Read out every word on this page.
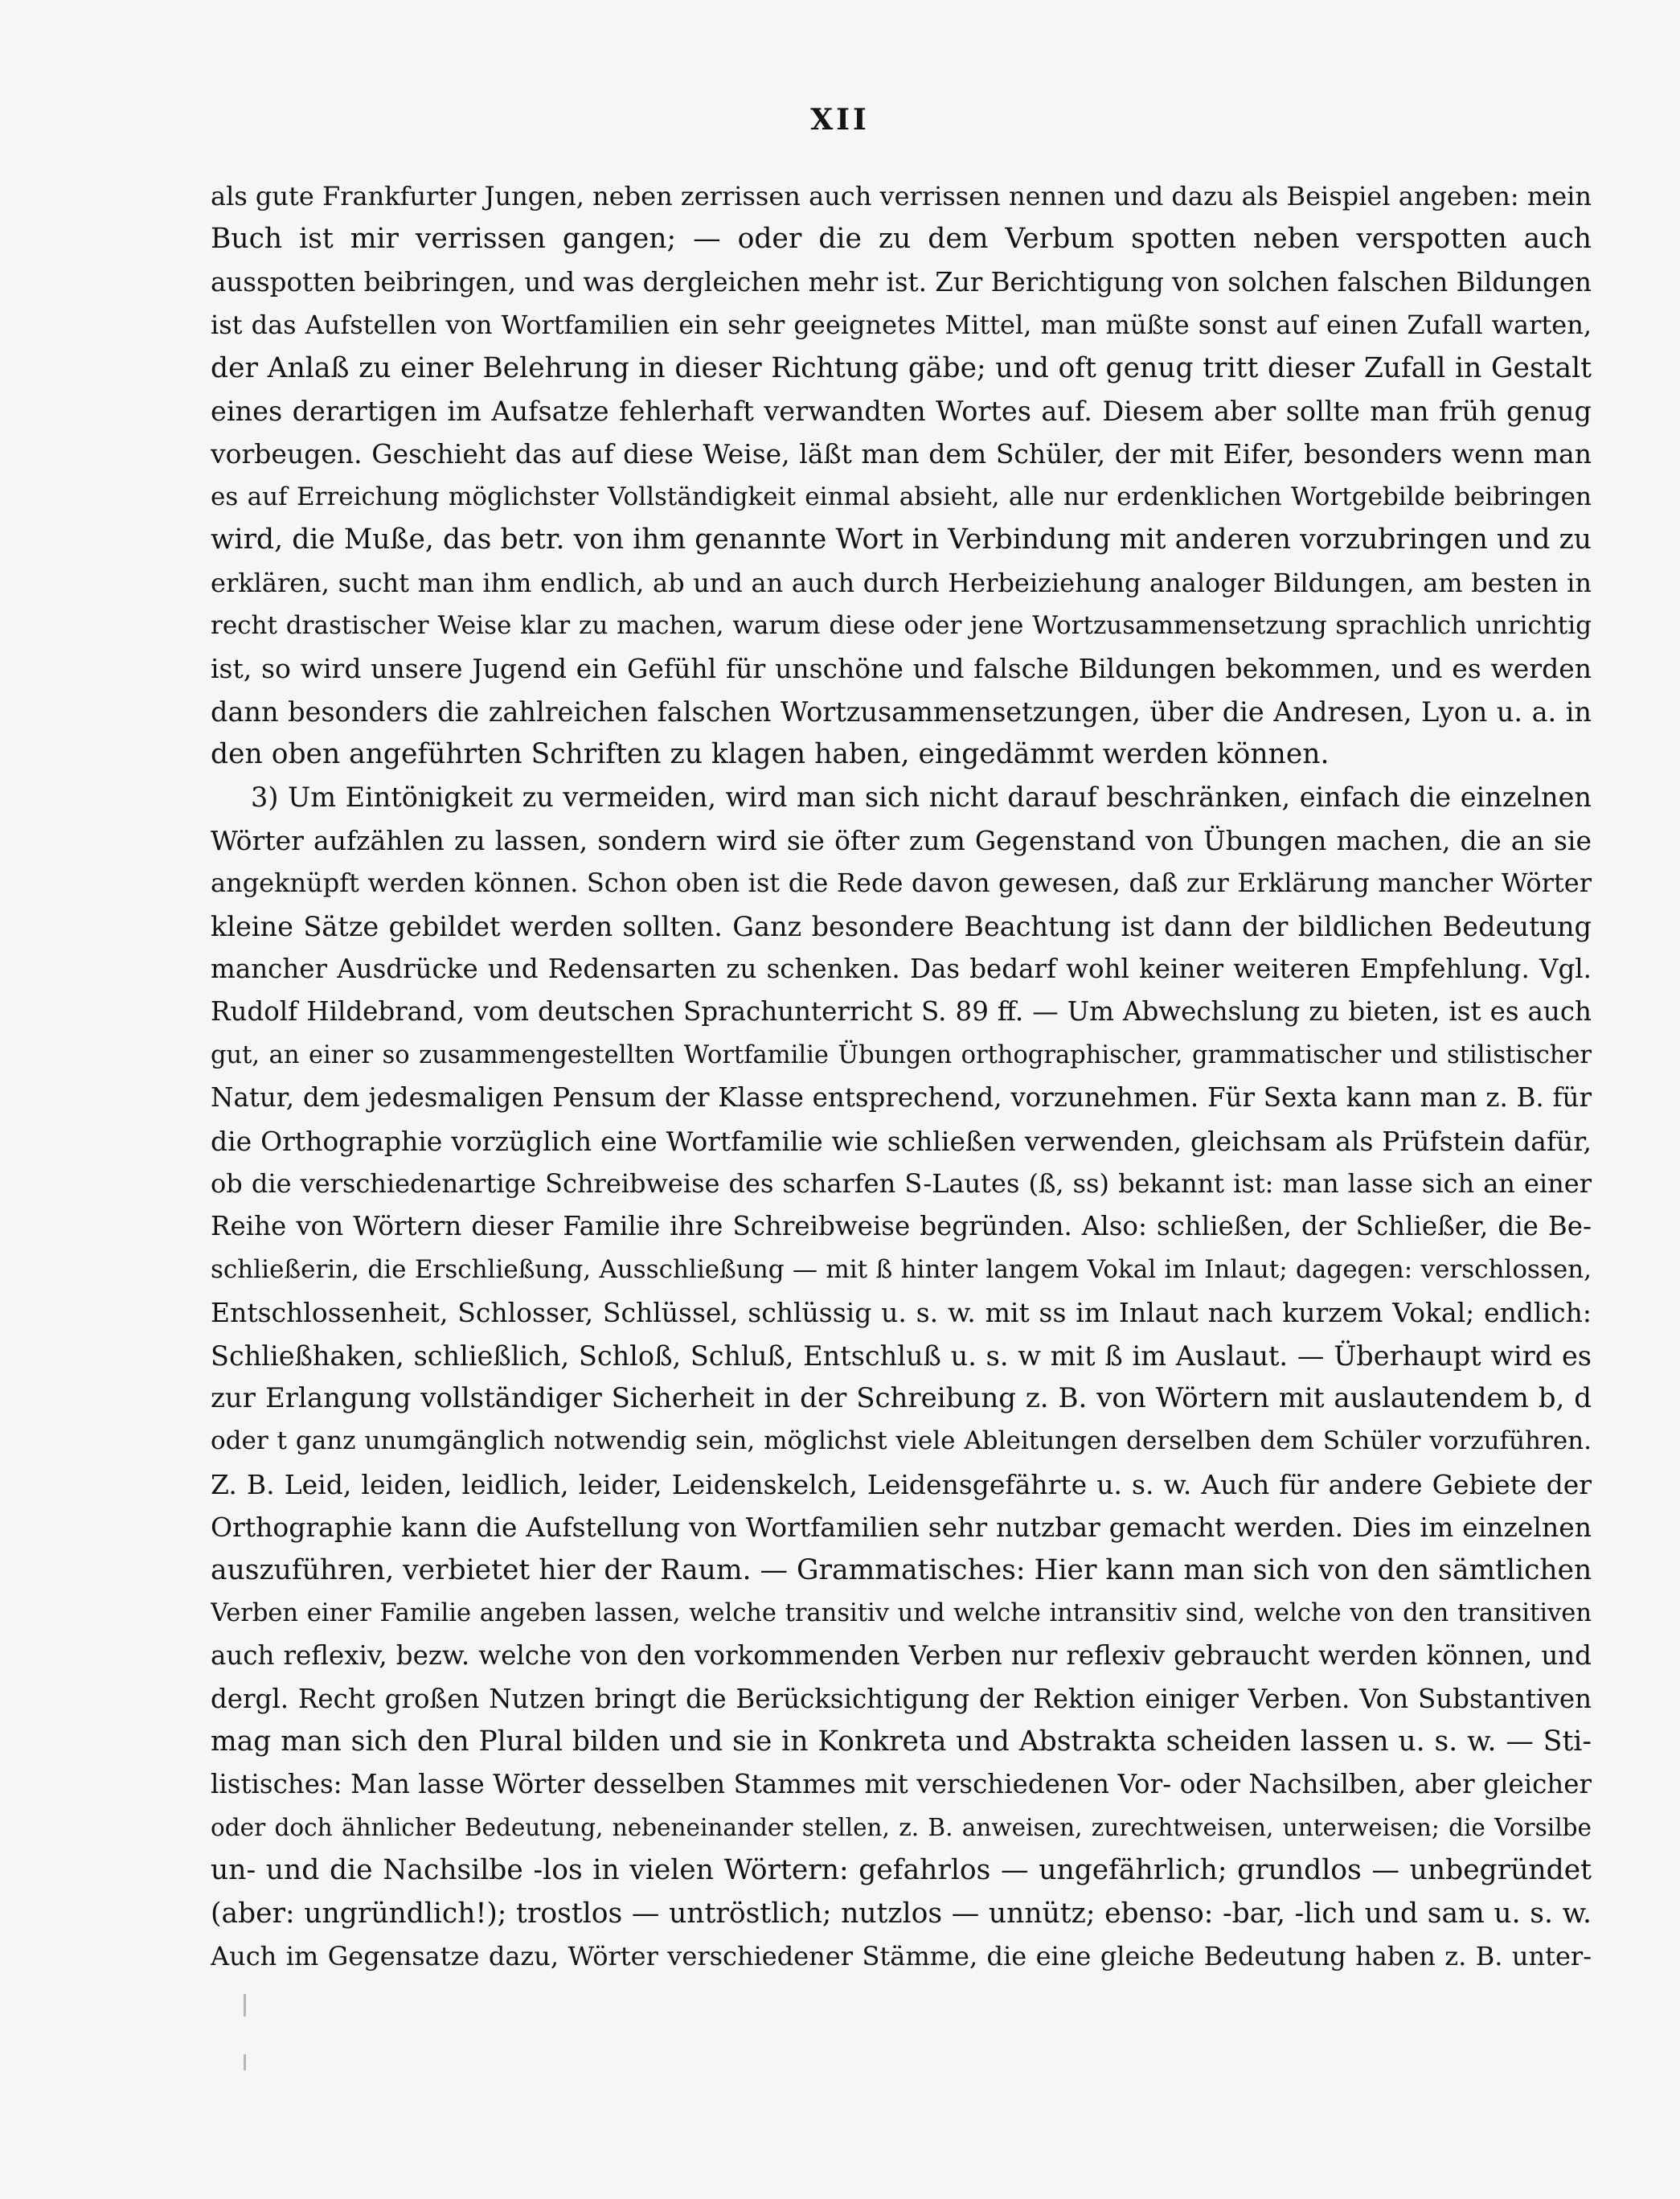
XII
als gute Frankfurter Jungen, neben zerrissen auch verrissen nennen und dazu als Beispiel angeben: mein
Buch ist mir verrissen gangen; — oder die zu dem Verbum spotten neben verspotten auch
ausspotten beibringen, und was dergleichen mehr ist. Zur Berichtigung von solchen falschen Bildungen
ist das Aufstellen von Wortfamilien ein sehr geeignetes Mittel, man müßte sonst auf einen Zufall warten,
der Anlaß zu einer Belehrung in dieser Richtung gäbe; und oft genug tritt dieser Zufall in Gestalt
eines derartigen im Aufsatze fehlerhaft verwandten Wortes auf. Diesem aber sollte man früh genug
vorbeugen. Geschieht das auf diese Weise, läßt man dem Schüler, der mit Eifer, besonders wenn man
es auf Erreichung möglichster Vollständigkeit einmal absieht, alle nur erdenklichen Wortgebilde beibringen
wird, die Muße, das betr. von ihm genannte Wort in Verbindung mit anderen vorzubringen und zu
erklären, sucht man ihm endlich, ab und an auch durch Herbeiziehung analoger Bildungen, am besten in
recht drastischer Weise klar zu machen, warum diese oder jene Wortzusammensetzung sprachlich unrichtig
ist, so wird unsere Jugend ein Gefühl für unschöne und falsche Bildungen bekommen, und es werden
dann besonders die zahlreichen falschen Wortzusammensetzungen, über die Andresen, Lyon u. a. in
den oben angeführten Schriften zu klagen haben, eingedämmt werden könnеn.
3) Um Eintönigkeit zu vermeiden, wird man sich nicht darauf beschränken, einfach die einzelnen
Wörter aufzählen zu lassen, sondern wird sie öfter zum Gegenstand von Übungen machen, die an sie
angeknüpft werden können. Schon oben ist die Rede davon gewesen, daß zur Erklärung mancher Wörter
kleine Sätze gebildet werden sollten. Ganz besondere Beachtung ist dann der bildlichen Bedeutung
mancher Ausdrücke und Redensarten zu schenken. Das bedarf wohl keiner weiteren Empfehlung. Vgl.
Rudolf Hildebrand, vom deutschen Sprachunterricht S. 89 ff. — Um Abwechslung zu bieten, ist es auch
gut, an einer so zusammengestellten Wortfamilie Übungen orthographischer, grammatischer und stilistischer
Natur, dem jedesmaligen Pensum der Klasse entsprechend, vorzunehmen. Für Sexta kann man z. B. für
die Orthographie vorzüglich eine Wortfamilie wie schließen verwenden, gleichsam als Prüfstein dafür,
ob die verschiedenartige Schreibweise des scharfen S-Lautes (ß, ss) bekannt ist: man lasse sich an einer
Reihe von Wörtern dieser Familie ihre Schreibweise begründen. Also: schließen, der Schließer, die Be-
schließerin, die Erschließung, Ausschließung — mit ß hinter langem Vokal im Inlaut; dagegen: verschlossen,
Entschlossenheit, Schlosser, Schlüssel, schlüssig u. s. w. mit ss im Inlaut nach kurzem Vokal; endlich:
Schließhaken, schließlich, Schloß, Schluß, Entschluß u. s. w mit ß im Auslaut. — Überhaupt wird es
zur Erlangung vollständiger Sicherheit in der Schreibung z. B. von Wörtern mit auslautendem b, d
oder t ganz unumgänglich notwendig sein, möglichst viele Ableitungen derselben dem Schüler vorzuführen.
Z. B. Leid, leiden, leidlich, leider, Leidenskelch, Leidensgefährte u. s. w. Auch für andere Gebiete der
Orthographie kann die Aufstellung von Wortfamilien sehr nutzbar gemacht werden. Dies im einzelnen
auszuführen, verbietet hier der Raum. — Grammatisches: Hier kann man sich von den sämtlichen
Verben einer Familie angeben lassen, welche transitiv und welche intransitiv sind, welche von den transitiven
auch reflexiv, bezw. welche von den vorkommenden Verben nur reflexiv gebraucht werden können, und
dergl. Recht großen Nutzen bringt die Berücksichtigung der Rektion einiger Verben. Von Substantiven
mag man sich den Plural bilden und sie in Konkreta und Abstrakta scheiden lassen u. s. w. — Sti-
listisches: Man lasse Wörter desselben Stammes mit verschiedenen Vor- oder Nachsilben, aber gleicher
oder doch ähnlicher Bedeutung, nebeneinander stellen, z. B. anweisen, zurechtweisen, unterweisen; die Vorsilbe
un- und die Nachsilbe -los in vielen Wörtern: gefahrlos — ungefährlich; grundlos — unbegründet
(aber: ungründlich!); trostlos — untröstlich; nutzlos — unnütz; ebenso: -bar, -lich und sam u. s. w.
Auch im Gegensatze dazu, Wörter verschiedener Stämme, die eine gleiche Bedeutung haben z. B. unter-
